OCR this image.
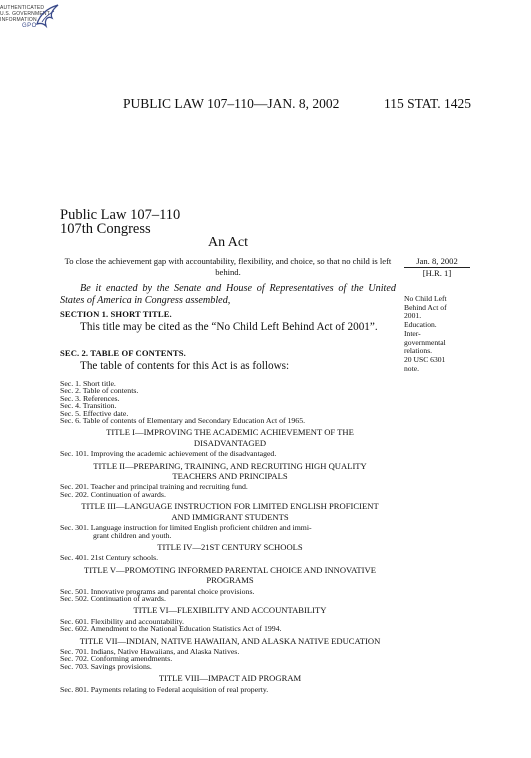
AUTHENTICATED
U.S. GOVERNMENT
INFORMATION
GPO
PUBLIC LAW 107–110—JAN. 8, 2002	115 STAT. 1425
Public Law 107–110
107th Congress
An Act
To close the achievement gap with accountability, flexibility, and choice, so that no child is left behind.
Jan. 8, 2002
[H.R. 1]
Be it enacted by the Senate and House of Representatives of the United States of America in Congress assembled,
SECTION 1. SHORT TITLE.
This title may be cited as the “No Child Left Behind Act of 2001”.
SEC. 2. TABLE OF CONTENTS.
The table of contents for this Act is as follows:
No Child Left
Behind Act of
2001.
Education.
Inter-
governmental
relations.
20 USC 6301
note.
Sec. 1. Short title.
Sec. 2. Table of contents.
Sec. 3. References.
Sec. 4. Transition.
Sec. 5. Effective date.
Sec. 6. Table of contents of Elementary and Secondary Education Act of 1965.
TITLE I—IMPROVING THE ACADEMIC ACHIEVEMENT OF THE
DISADVANTAGED
Sec. 101. Improving the academic achievement of the disadvantaged.
TITLE II—PREPARING, TRAINING, AND RECRUITING HIGH QUALITY
TEACHERS AND PRINCIPALS
Sec. 201. Teacher and principal training and recruiting fund.
Sec. 202. Continuation of awards.
TITLE III—LANGUAGE INSTRUCTION FOR LIMITED ENGLISH PROFICIENT
AND IMMIGRANT STUDENTS
Sec. 301. Language instruction for limited English proficient children and immi-
grant children and youth.
TITLE IV—21ST CENTURY SCHOOLS
Sec. 401. 21st Century schools.
TITLE V—PROMOTING INFORMED PARENTAL CHOICE AND INNOVATIVE
PROGRAMS
Sec. 501. Innovative programs and parental choice provisions.
Sec. 502. Continuation of awards.
TITLE VI—FLEXIBILITY AND ACCOUNTABILITY
Sec. 601. Flexibility and accountability.
Sec. 602. Amendment to the National Education Statistics Act of 1994.
TITLE VII—INDIAN, NATIVE HAWAIIAN, AND ALASKA NATIVE EDUCATION
Sec. 701. Indians, Native Hawaiians, and Alaska Natives.
Sec. 702. Conforming amendments.
Sec. 703. Savings provisions.
TITLE VIII—IMPACT AID PROGRAM
Sec. 801. Payments relating to Federal acquisition of real property.
